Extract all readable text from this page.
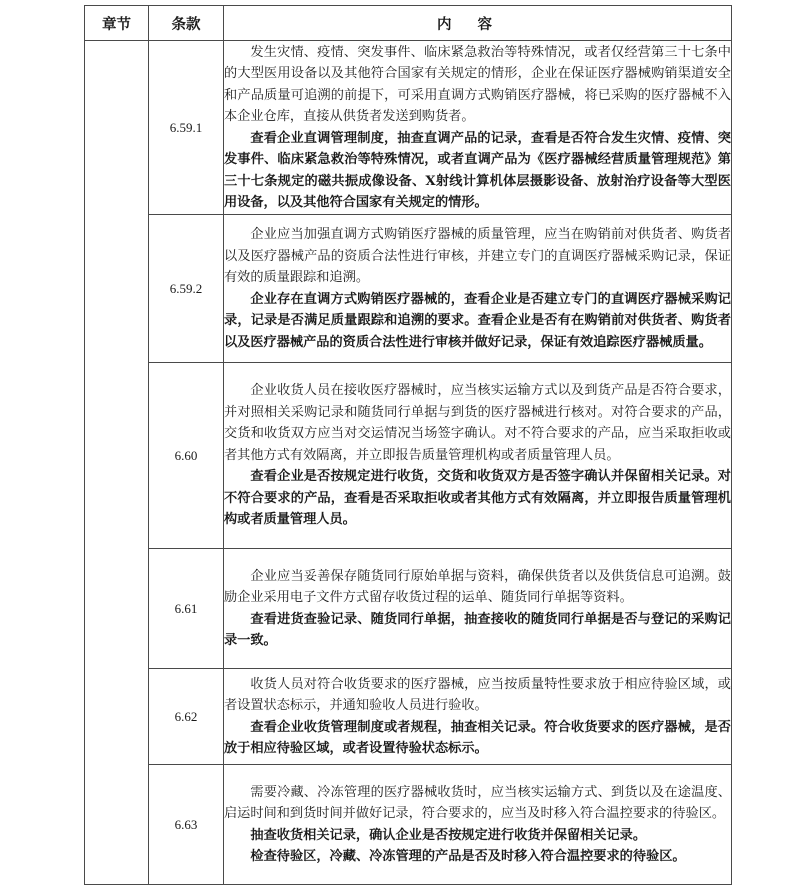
章节	条款	内容
	6.59.1	发生灾情、疫情、突发事件、临床紧急救治等特殊情况，或者仅经营第三十七条中的大型医用设备以及其他符合国家有关规定的情形，企业在保证医疗器械购销渠道安全和产品质量可追溯的前提下，可采用直调方式购销医疗器械，将已采购的医疗器械不入本企业仓库，直接从供货者发送到购货者。

查看企业直调管理制度，抽查直调产品的记录，查看是否符合发生灾情、疫情、突发事件、临床紧急救治等特殊情况，或者直调产品为《医疗器械经营质量管理规范》第三十七条规定的磁共振成像设备、X射线计算机体层摄影设备、放射治疗设备等大型医用设备，以及其他符合国家有关规定的情形。

	6.59.2	企业应当加强直调方式购销医疗器械的质量管理，应当在购销前对供货者、购货者以及医疗器械产品的资质合法性进行审核，并建立专门的直调医疗器械采购记录，保证有效的质量跟踪和追溯。

企业存在直调方式购销医疗器械的，查看企业是否建立专门的直调医疗器械采购记录，记录是否满足质量跟踪和追溯的要求。查看企业是否有在购销前对供货者、购货者以及医疗器械产品的资质合法性进行审核并做好记录，保证有效追踪医疗器械质量。

	6.60	企业收货人员在接收医疗器械时，应当核实运输方式以及到货产品是否符合要求，并对照相关采购记录和随货同行单据与到货的医疗器械进行核对。对符合要求的产品，交货和收货双方应当对交运情况当场签字确认。对不符合要求的产品，应当采取拒收或者其他方式有效隔离，并立即报告质量管理机构或者质量管理人员。

查看企业是否按规定进行收货，交货和收货双方是否签字确认并保留相关记录。对不符合要求的产品，查看是否采取拒收或者其他方式有效隔离，并立即报告质量管理机构或者质量管理人员。

	6.61	企业应当妥善保存随货同行原始单据与资料，确保供货者以及供货信息可追溯。鼓励企业采用电子文件方式留存收货过程的运单、随货同行单据等资料。

查看进货查验记录、随货同行单据，抽查接收的随货同行单据是否与登记的采购记录一致。

	6.62	收货人员对符合收货要求的医疗器械，应当按质量特性要求放于相应待验区域，或者设置状态标示，并通知验收人员进行验收。

查看企业收货管理制度或者规程，抽查相关记录。符合收货要求的医疗器械，是否放于相应待验区域，或者设置待验状态标示。

	6.63	需要冷藏、冷冻管理的医疗器械收货时，应当核实运输方式、到货以及在途温度、启运时间和到货时间并做好记录，符合要求的，应当及时移入符合温控要求的待验区。

抽查收货相关记录，确认企业是否按规定进行收货并保留相关记录。

检查待验区，冷藏、冷冻管理的产品是否及时移入符合温控要求的待验区。
